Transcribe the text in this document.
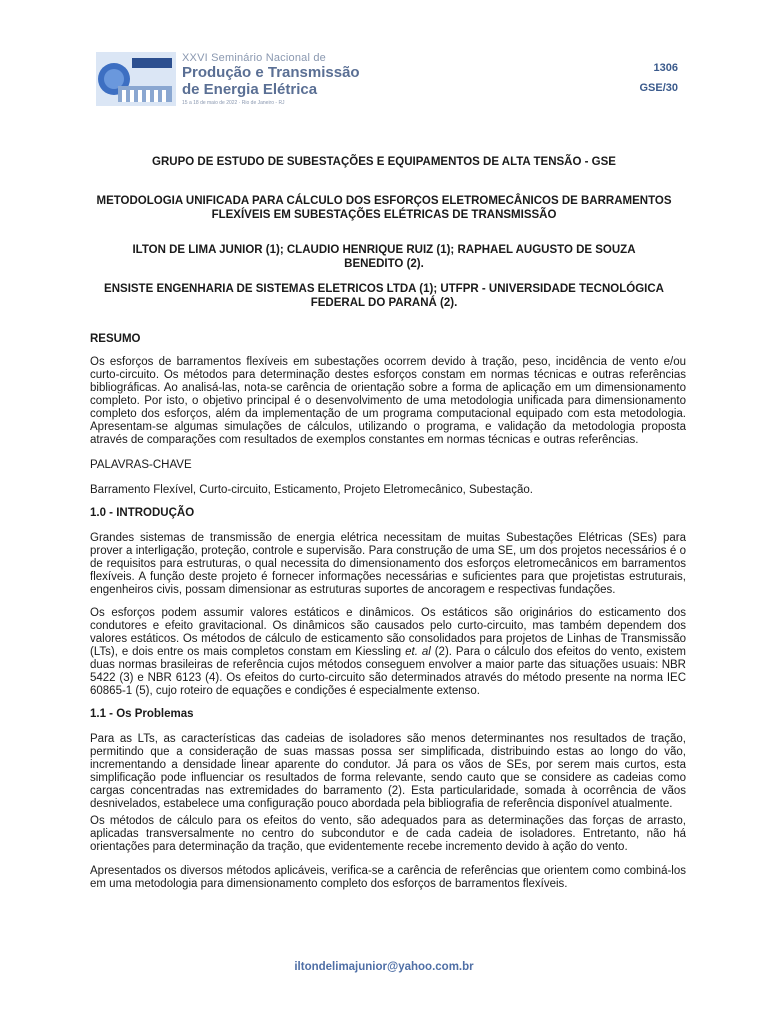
XXVI Seminário Nacional de
Produção e Transmissão
de Energia Elétrica
15 a 18 de maio de 2022 · Rio de Janeiro - RJ
1306
GSE/30
GRUPO DE ESTUDO DE SUBESTAÇÕES E EQUIPAMENTOS DE ALTA TENSÃO - GSE
METODOLOGIA UNIFICADA PARA CÁLCULO DOS ESFORÇOS ELETROMECÂNICOS DE BARRAMENTOS FLEXÍVEIS EM SUBESTAÇÕES ELÉTRICAS DE TRANSMISSÃO
ILTON DE LIMA JUNIOR (1); CLAUDIO HENRIQUE RUIZ (1); RAPHAEL AUGUSTO DE SOUZA BENEDITO (2).
ENSISTE ENGENHARIA DE SISTEMAS ELETRICOS LTDA (1); UTFPR - UNIVERSIDADE TECNOLÓGICA FEDERAL DO PARANÁ (2).
RESUMO

Os esforços de barramentos flexíveis em subestações ocorrem devido à tração, peso, incidência de vento e/ou curto-circuito. Os métodos para determinação destes esforços constam em normas técnicas e outras referências bibliográficas. Ao analisá-las, nota-se carência de orientação sobre a forma de aplicação em um dimensionamento completo. Por isto, o objetivo principal é o desenvolvimento de uma metodologia unificada para dimensionamento completo dos esforços, além da implementação de um programa computacional equipado com esta metodologia. Apresentam-se algumas simulações de cálculos, utilizando o programa, e validação da metodologia proposta através de comparações com resultados de exemplos constantes em normas técnicas e outras referências.

PALAVRAS-CHAVE
Barramento Flexível, Curto-circuito, Esticamento, Projeto Eletromecânico, Subestação.
1.0 - INTRODUÇÃO

Grandes sistemas de transmissão de energia elétrica necessitam de muitas Subestações Elétricas (SEs) para prover a interligação, proteção, controle e supervisão. Para construção de uma SE, um dos projetos necessários é o de requisitos para estruturas, o qual necessita do dimensionamento dos esforços eletromecânicos em barramentos flexíveis. A função deste projeto é fornecer informações necessárias e suficientes para que projetistas estruturais, engenheiros civis, possam dimensionar as estruturas suportes de ancoragem e respectivas fundações.

Os esforços podem assumir valores estáticos e dinâmicos. Os estáticos são originários do esticamento dos condutores e efeito gravitacional. Os dinâmicos são causados pelo curto-circuito, mas também dependem dos valores estáticos. Os métodos de cálculo de esticamento são consolidados para projetos de Linhas de Transmissão (LTs), e dois entre os mais completos constam em Kiessling et. al (2). Para o cálculo dos efeitos do vento, existem duas normas brasileiras de referência cujos métodos conseguem envolver a maior parte das situações usuais: NBR 5422 (3) e NBR 6123 (4). Os efeitos do curto-circuito são determinados através do método presente na norma IEC 60865-1 (5), cujo roteiro de equações e condições é especialmente extenso.

1.1 - Os Problemas

Para as LTs, as características das cadeias de isoladores são menos determinantes nos resultados de tração, permitindo que a consideração de suas massas possa ser simplificada, distribuindo estas ao longo do vão, incrementando a densidade linear aparente do condutor. Já para os vãos de SEs, por serem mais curtos, esta simplificação pode influenciar os resultados de forma relevante, sendo cauto que se considere as cadeias como cargas concentradas nas extremidades do barramento (2). Esta particularidade, somada à ocorrência de vãos desnivelados, estabelece uma configuração pouco abordada pela bibliografia de referência disponível atualmente.

Os métodos de cálculo para os efeitos do vento, são adequados para as determinações das forças de arrasto, aplicadas transversalmente no centro do subcondutor e de cada cadeia de isoladores. Entretanto, não há orientações para determinação da tração, que evidentemente recebe incremento devido à ação do vento.

Apresentados os diversos métodos aplicáveis, verifica-se a carência de referências que orientem como combiná-los em uma metodologia para dimensionamento completo dos esforços de barramentos flexíveis.

iltondelimajunior@yahoo.com.br
